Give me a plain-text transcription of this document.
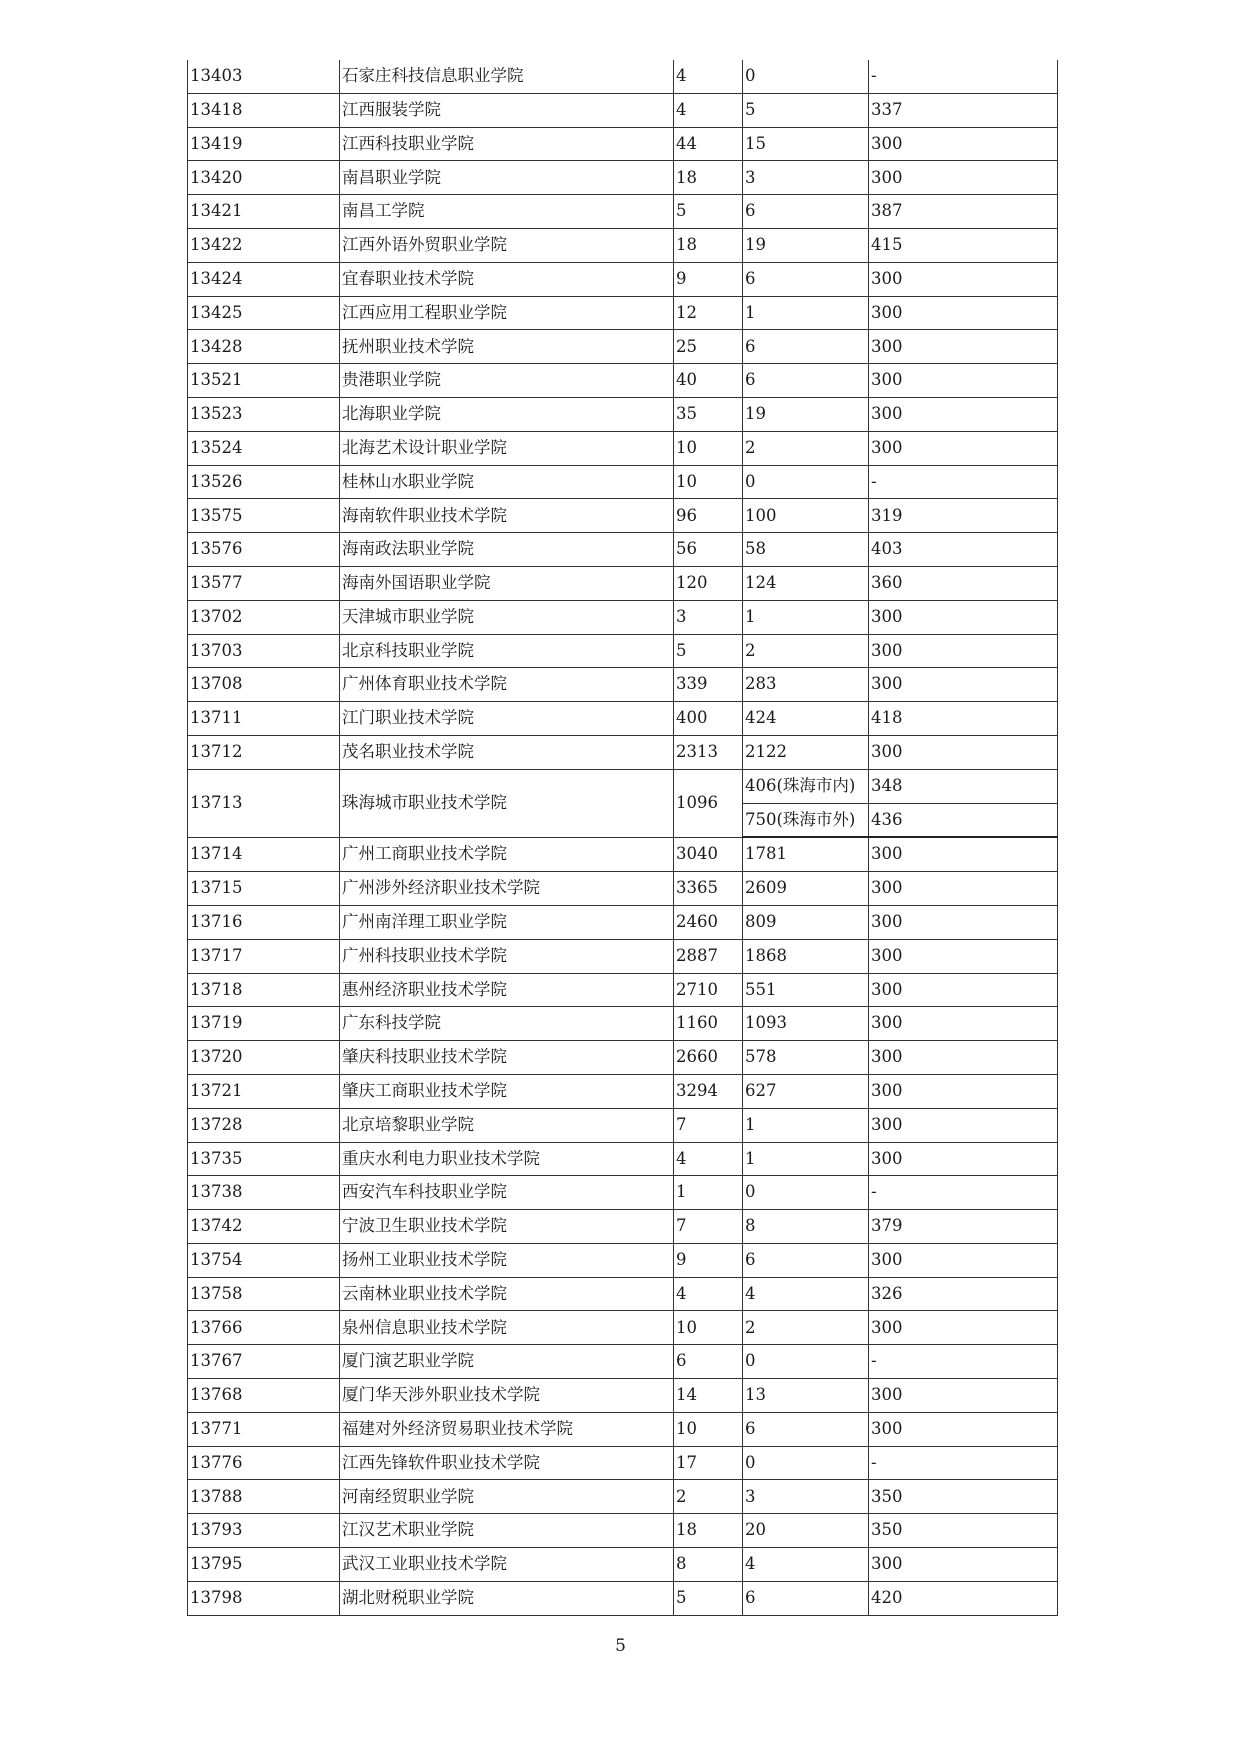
13403	石家庄科技信息职业学院	4	0	-
13418	江西服装学院	4	5	337
13419	江西科技职业学院	44	15	300
13420	南昌职业学院	18	3	300
13421	南昌工学院	5	6	387
13422	江西外语外贸职业学院	18	19	415
13424	宜春职业技术学院	9	6	300
13425	江西应用工程职业学院	12	1	300
13428	抚州职业技术学院	25	6	300
13521	贵港职业学院	40	6	300
13523	北海职业学院	35	19	300
13524	北海艺术设计职业学院	10	2	300
13526	桂林山水职业学院	10	0	-
13575	海南软件职业技术学院	96	100	319
13576	海南政法职业学院	56	58	403
13577	海南外国语职业学院	120	124	360
13702	天津城市职业学院	3	1	300
13703	北京科技职业学院	5	2	300
13708	广州体育职业技术学院	339	283	300
13711	江门职业技术学院	400	424	418
13712	茂名职业技术学院	2313	2122	300
13713	珠海城市职业技术学院	1096	406(珠海市内)	348
			750(珠海市外)	436
13714	广州工商职业技术学院	3040	1781	300
13715	广州涉外经济职业技术学院	3365	2609	300
13716	广州南洋理工职业学院	2460	809	300
13717	广州科技职业技术学院	2887	1868	300
13718	惠州经济职业技术学院	2710	551	300
13719	广东科技学院	1160	1093	300
13720	肇庆科技职业技术学院	2660	578	300
13721	肇庆工商职业技术学院	3294	627	300
13728	北京培黎职业学院	7	1	300
13735	重庆水利电力职业技术学院	4	1	300
13738	西安汽车科技职业学院	1	0	-
13742	宁波卫生职业技术学院	7	8	379
13754	扬州工业职业技术学院	9	6	300
13758	云南林业职业技术学院	4	4	326
13766	泉州信息职业技术学院	10	2	300
13767	厦门演艺职业学院	6	0	-
13768	厦门华天涉外职业技术学院	14	13	300
13771	福建对外经济贸易职业技术学院	10	6	300
13776	江西先锋软件职业技术学院	17	0	-
13788	河南经贸职业学院	2	3	350
13793	江汉艺术职业学院	18	20	350
13795	武汉工业职业技术学院	8	4	300
13798	湖北财税职业学院	5	6	420
5
